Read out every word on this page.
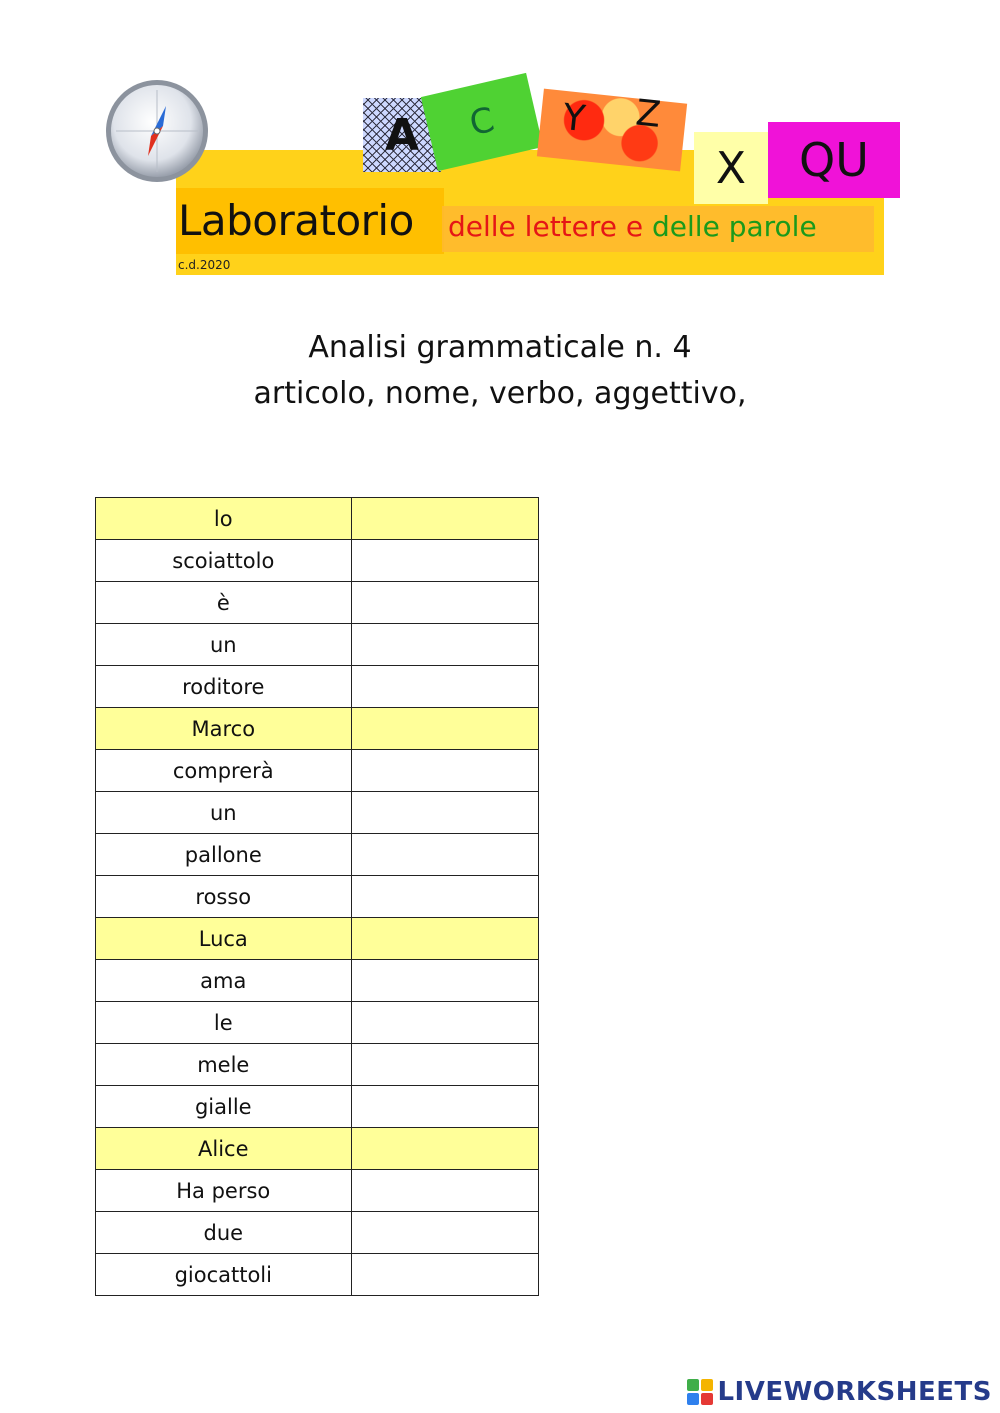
A C Y Z
X QU
Laboratorio delle lettere e delle parole
c.d.2020
Analisi grammaticale n. 4
articolo, nome, verbo, aggettivo,
lo	
scoiattolo	
è	
un	
roditore	
Marco	
comprerà	
un	
pallone	
rosso	
Luca	
ama	
le	
mele	
gialle	
Alice	
Ha perso	
due	
giocattoli	
LIVEWORKSHEETS
